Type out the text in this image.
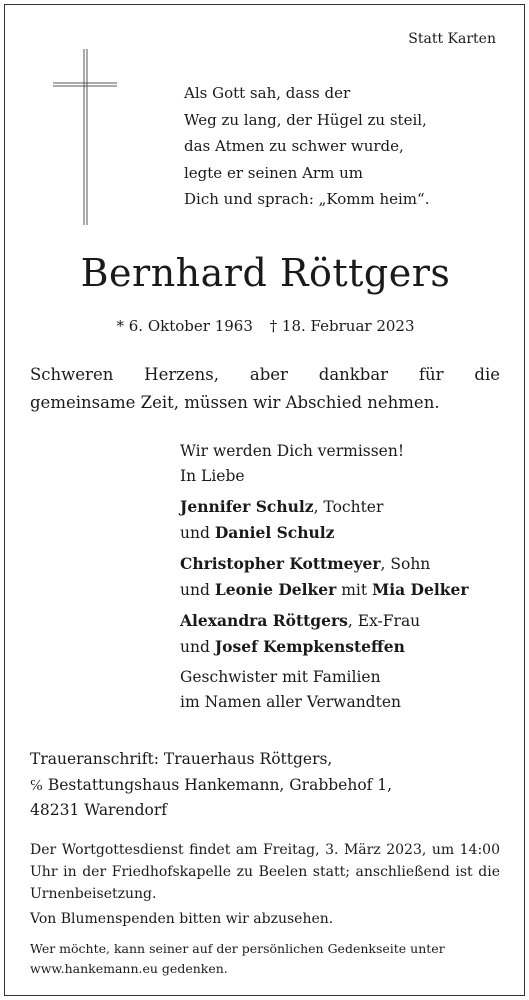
Statt Karten
Als Gott sah, dass der
Weg zu lang, der Hügel zu steil,
das Atmen zu schwer wurde,
legte er seinen Arm um
Dich und sprach: „Komm heim“.
Bernhard Röttgers
* 6. Oktober 1963 † 18. Februar 2023
Schweren Herzens, aber dankbar für die
gemeinsame Zeit, müssen wir Abschied nehmen.
Wir werden Dich vermissen!
In Liebe
Jennifer Schulz, Tochter
und Daniel Schulz
Christopher Kottmeyer, Sohn
und Leonie Delker mit Mia Delker
Alexandra Röttgers, Ex-Frau
und Josef Kempkensteffen
Geschwister mit Familien
im Namen aller Verwandten
Traueranschrift: Trauerhaus Röttgers,
℅ Bestattungshaus Hankemann, Grabbehof 1,
48231 Warendorf
Der Wortgottesdienst findet am Freitag, 3. März 2023, um 14:00 Uhr in der Friedhofskapelle zu Beelen statt; anschließend ist die Urnenbeisetzung.
Von Blumenspenden bitten wir abzusehen.
Wer möchte, kann seiner auf der persönlichen Gedenkseite unter www.hankemann.eu gedenken.
